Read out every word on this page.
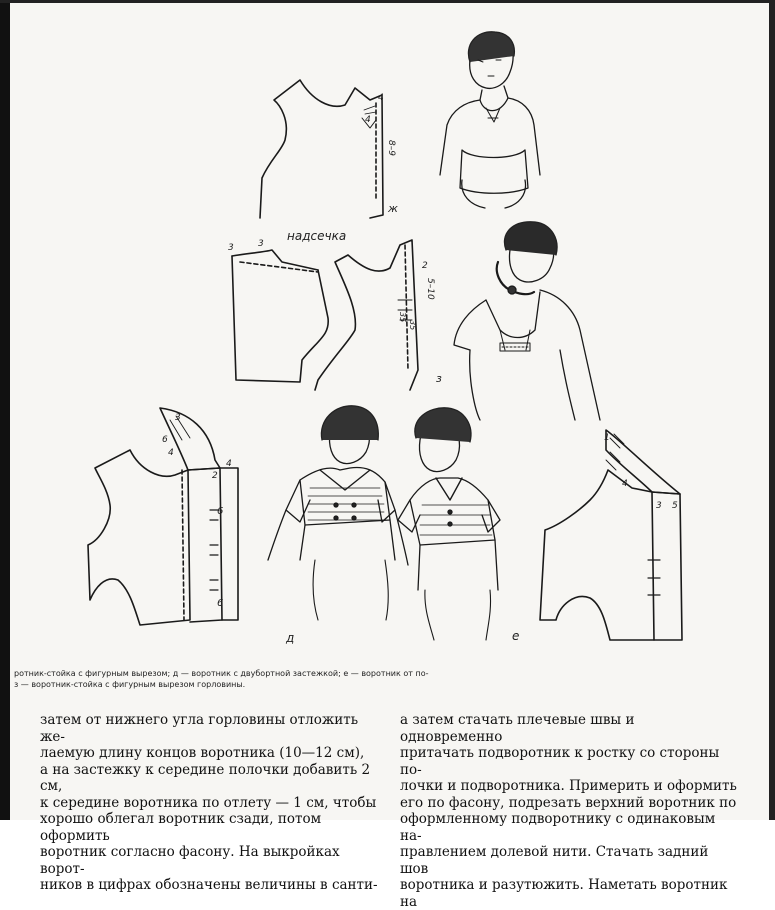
4
4
8–9
ж
надсечка
3	3
2
5–10
35
35
з
3
6
4
4
2
6
6
д	е
1
4
3 5
ротник-стойка с фигурным вырезом; д — воротник с двубортной застежкой; е — воротник от по-
з — воротник-стойка с фигурным вырезом горловины.

затем от нижнего угла горловины отложить же-

лаемую длину концов воротника (10—12 см),

а на застежку к середине полочки добавить 2 см,

к середине воротника по отлету — 1 см, чтобы

хорошо облегал воротник сзади, потом оформить

воротник согласно фасону. На выкройках ворот-

ников в цифрах обозначены величины в санти-

а затем стачать плечевые швы и одновременно

притачать подворотник к ростку со стороны по-

лочки и подворотника. Примерить и оформить

его по фасону, подрезать верхний воротник по

оформленному подворотнику с одинаковым на-

правлением долевой нити. Стачать задний шов

воротника и разутюжить. Наметать воротник на
